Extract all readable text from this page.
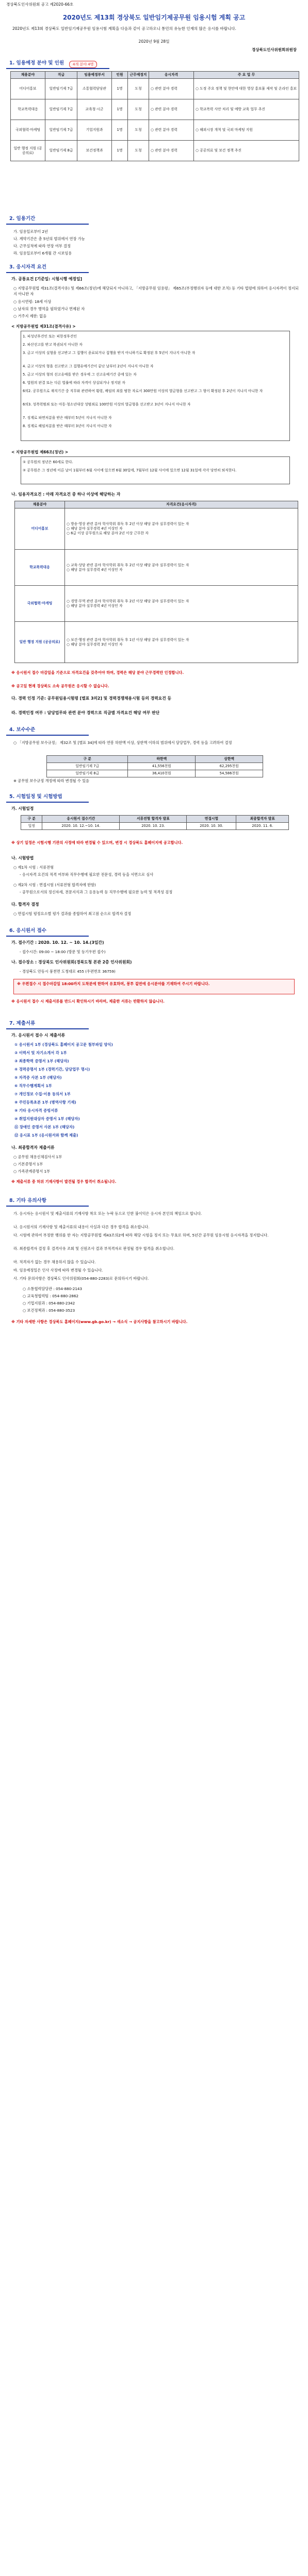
경상북도인사위원회 공고 제2020-66호
2020년도 제13회 경상북도 일반임기제공무원 임용시험 계획 공고
2020년도 제13회 경상북도 일반임기제공무원 임용시험 계획을 다음과 같이 공고하오니 통민의 유능한 인재의 많은 응시를 바랍니다.
2020년 9월 28일
경상북도인사위원회위원장
1. 임용예정 분야 및 인원	4개 분야 4명
채용분야	직급	임용예정부서	인원	근무예정지	응시자격	주 요 업 무
미디어홍보	일반임기제 7급	소통협력담당관	1명	도청	○ 관련 분야 경력	○ 도정 주요 정책 및 현안에 대한 영상 홍보물 제작 및 온라인 홍보
학교폭력대응	일반임기제 7급	교육청·시군	1명	도청	○ 관련 분야 경력	○ 학교폭력 사안 처리 및 예방 교육 업무 추진
국외협력·마케팅	일반임기제 7급	기업지원과	1명	도청	○ 관련 분야 경력	○ 해외시장 개척 및 국외 마케팅 지원
일반 행정 지원 (공공의료)	일반임기제 8급	보건정책과	1명	도청	○ 관련 분야 경력	○ 공공의료 및 보건 정책 추진
2. 임용기간
가. 임용일로부터 2년
나. 계약기간은 총 5년의 범위에서 연장 가능
다. 근무실적에 따라 연장 여부 결정
라. 임용일로부터 6개월 간 시보임용
3. 응시자격 요건
가. 공통요건 [기준일: 시험시행 예정일]
○ 지방공무원법 제31조(결격사유) 및 제66조(정년)에 해당되지 아니하고, 「지방공무원 임용령」 제65조(부정행위자 등에 대한 조치) 등 기타 법령에 의하여 응시자격이 정지되지 아니한 자
○ 응시연령: 18세 이상
○ 남자의 경우 병역을 필하였거나 면제된 자
○ 거주지 제한: 없음
< 지방공무원법 제31조(결격사유) >
1. 피성년후견인 또는 피한정후견인
2. 파산선고를 받고 복권되지 아니한 자
3. 금고 이상의 실형을 선고받고 그 집행이 종료되거나 집행을 받지 아니하기로 확정된 후 5년이 지나지 아니한 자
4. 금고 이상의 형을 선고받고 그 집행유예기간이 끝난 날부터 2년이 지나지 아니한 자
5. 금고 이상의 형의 선고유예를 받은 경우에 그 선고유예기간 중에 있는 자
6. 법원의 판결 또는 다른 법률에 따라 자격이 상실되거나 정지된 자
6의2. 공무원으로 재직기간 중 직무와 관련하여 횡령, 배임의 죄를 범한 자로서 300만원 이상의 벌금형을 선고받고 그 형이 확정된 후 2년이 지나지 아니한 자
6의3. 성폭력범죄 또는 아동·청소년대상 성범죄로 100만원 이상의 벌금형을 선고받고 3년이 지나지 아니한 자
7. 징계로 파면처분을 받은 때부터 5년이 지나지 아니한 자
8. 징계로 해임처분을 받은 때부터 3년이 지나지 아니한 자
< 지방공무원법 제66조(정년) >
① 공무원의 정년은 60세로 한다.
② 공무원은 그 정년에 이른 날이 1월부터 6월 사이에 있으면 6월 30일에, 7월부터 12월 사이에 있으면 12월 31일에 각각 당연히 퇴직한다.
나. 임용자격요건 : 아래 자격요건 중 하나 이상에 해당하는 자
채용분야	자격요건(응시자격)
미디어홍보	○ 방송·영상 관련 분야 학사학위 취득 후 2년 이상 해당 분야 실무경력이 있는 자
○ 해당 분야 실무경력 4년 이상인 자
○ 6급 이상 공무원으로 해당 분야 2년 이상 근무한 자
학교폭력대응	○ 교육·상담 관련 분야 학사학위 취득 후 2년 이상 해당 분야 실무경력이 있는 자
○ 해당 분야 실무경력 4년 이상인 자
국외협력·마케팅	○ 경영·무역 관련 분야 학사학위 취득 후 2년 이상 해당 분야 실무경력이 있는 자
○ 해당 분야 실무경력 4년 이상인 자
일반 행정 지원 (공공의료)	○ 보건·행정 관련 분야 학사학위 취득 후 1년 이상 해당 분야 실무경력이 있는 자
○ 해당 분야 실무경력 3년 이상인 자
※ 응시원서 접수 마감일을 기준으로 자격요건을 갖추어야 하며, 경력은 해당 분야 근무경력만 인정합니다.
※ 공고일 현재 경상북도 소속 공무원은 응시할 수 없습니다.
다. 경력 인정 기준: 공무원임용시험령 [별표 3의2] 및 경력경쟁채용시험 등의 경력요건 등
라. 경력인정 여부 : 담당업무와 관련 분야 경력으로 직급별 자격요건 해당 여부 판단
4. 보수수준
○ 「지방공무원 보수규정」 제32조 및 [별표 34]에 따라 연봉 하한액 이상, 상한액 이하의 범위에서 담당업무, 경력 등을 고려하여 결정
구 분	하한액	상한액
일반임기제 7급	41,556천원	62,295천원
일반임기제 8급	36,410천원	54,586천원
※ 공무원 보수규정 개정에 따라 변경될 수 있음
5. 시험일정 및 시험방법
가. 시험일정
구 분	응시원서 접수기간	서류전형 합격자 발표	면접시험	최종합격자 발표
일정	2020. 10. 12.~10. 14.	2020. 10. 23.	2020. 10. 30.	2020. 11. 6.
※ 상기 일정은 시험시행 기관의 사정에 따라 변경될 수 있으며, 변경 시 경상북도 홈페이지에 공고합니다.
나. 시험방법
○ 제1차 시험 : 서류전형
- 응시자격 요건의 적격 여부와 직무수행에 필요한 전문성, 경력 등을 서면으로 심사
○ 제2차 시험 : 면접시험 (서류전형 합격자에 한함)
- 공무원으로서의 정신자세, 전문지식과 그 응용능력 등 직무수행에 필요한 능력 및 적격성 검정
다. 합격자 결정
○ 면접시험 평정요소별 평가 결과를 종합하여 최고점 순으로 합격자 결정
6. 응시원서 접수
가. 접수기간 : 2020. 10. 12. ~ 10. 14.(3일간)
- 접수시간: 09:00 ~ 18:00 (방문 및 등기우편 접수)
나. 접수장소 : 경상북도 인사위원회(경북도청 본관 2층 인사위원회)
- 경상북도 안동시 풍천면 도청대로 455 (우편번호 36759)
※ 우편접수 시 접수마감일 18:00까지 도착분에 한하여 유효하며, 봉투 겉면에 응시분야를 기재하여 주시기 바랍니다.
※ 응시원서 접수 시 제출서류를 반드시 확인하시기 바라며, 제출한 서류는 반환하지 않습니다.
7. 제출서류
가. 응시원서 접수 시 제출서류
① 응시원서 1부 (경상북도 홈페이지 공고문 첨부파일 양식)
② 이력서 및 자기소개서 각 1부
③ 최종학력 증명서 1부 (해당자)
④ 경력증명서 1부 (경력기간, 담당업무 명시)
⑤ 자격증 사본 1부 (해당자)
⑥ 직무수행계획서 1부
⑦ 개인정보 수집·이용 동의서 1부
⑧ 주민등록초본 1부 (병역사항 기재)
⑨ 기타 응시자격 증빙서류
⑩ 취업지원대상자 증명서 1부 (해당자)
⑪ 장애인 증명서 사본 1부 (해당자)
⑫ 응시표 1부 (응시원서와 함께 제출)
나. 최종합격자 제출서류
○ 공무원 채용신체검사서 1부
○ 기본증명서 1부
○ 가족관계증명서 1부
※ 제출서류 중 허위 기재사항이 발견될 경우 합격이 취소됩니다.
8. 기타 유의사항
가. 응시자는 응시원서 및 제출서류의 기재사항 착오 또는 누락 등으로 인한 불이익은 응시자 본인의 책임으로 합니다.
나. 응시원서의 기재사항 및 제출서류의 내용이 사실과 다른 경우 합격을 취소합니다.
다. 시험에 관하여 부정한 행위를 한 자는 지방공무원법 제43조의2에 따라 해당 시험을 정지 또는 무효로 하며, 5년간 공무원 임용시험 응시자격을 정지합니다.
라. 최종합격자 결정 후 결격사유 조회 및 신원조사 결과 부적격자로 판정될 경우 합격을 취소합니다.
마. 적격자가 없는 경우 채용하지 않을 수 있습니다.
바. 임용예정일은 인사 사정에 따라 변경될 수 있습니다.
사. 기타 문의사항은 경상북도 인사위원회(054-880-2283)로 문의하시기 바랍니다.
○ 소통협력담당관 : 054-880-2143
○ 교육청협력팀 : 054-880-2862
○ 기업지원과 : 054-880-2342
○ 보건정책과 : 054-880-3523
※ 기타 자세한 사항은 경상북도 홈페이지(www.gb.go.kr) → 새소식 → 공지사항을 참고하시기 바랍니다.
